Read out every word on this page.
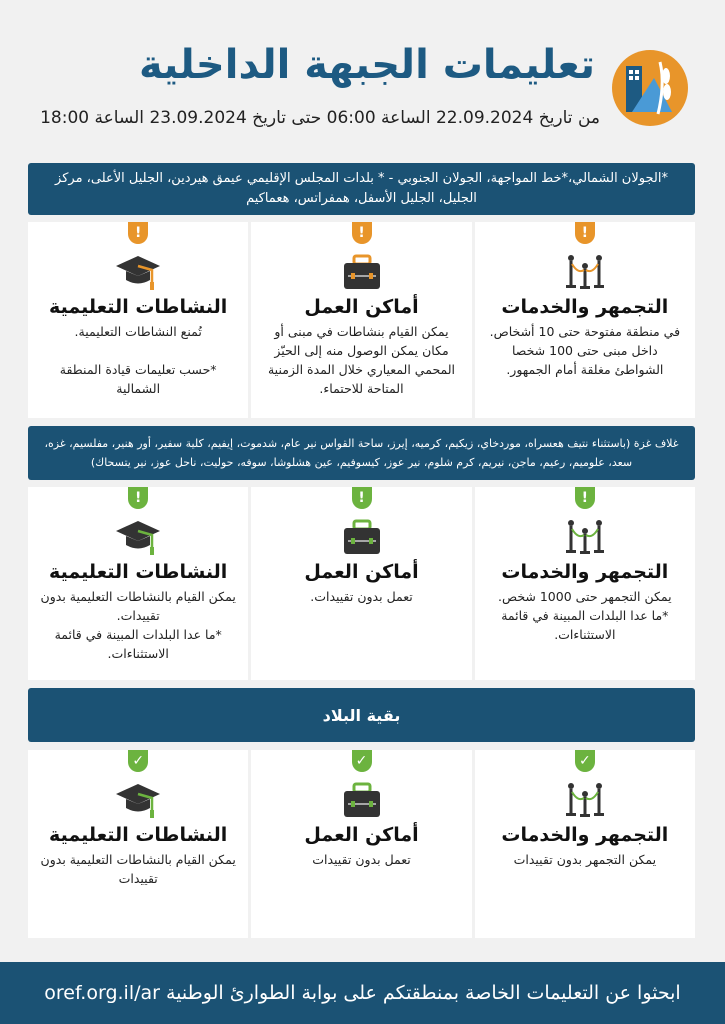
تعليمات الجبهة الداخلية
من تاريخ 22.09.2024 الساعة 06:00 حتى تاريخ 23.09.2024 الساعة 18:00
*الجولان الشمالي،*خط المواجهة، الجولان الجنوبي - * بلدات المجلس الإقليمي عيمق هيردين، الجليل الأعلى، مركز الجليل، الجليل الأسفل، همفراتس، هعماكيم
!
التجمهر والخدمات
في منطقة مفتوحة حتى 10 أشخاص.
داخل مبنى حتى 100 شخصا
الشواطئ مغلقة أمام الجمهور.
!
أماكن العمل
يمكن القيام بنشاطات في مبنى أو مكان يمكن الوصول منه إلى الحيّز المحمي المعياري خلال المدة الزمنية المتاحة للاحتماء.
!
النشاطات التعليمية
تُمنع النشاطات التعليمية.

*حسب تعليمات قيادة المنطقة الشمالية
غلاف غزة (باستثناء نتيف هعسراه، موردخاي، زيكيم، كرميه، إيرز، ساحة القواس نير عام، شدموت، إيفيم، كلية سفير، أور هنير، مفلسيم، غزه، سعد، علوميم، رعيم، ماجن، نيريم، كرم شلوم، نير عوز، كيسوفيم، عين هشلوشا، سوفه، حوليت، ناحل عوز، نير يتسحاك)
!
التجمهر والخدمات
يمكن التجمهر حتى 1000 شخص.
*ما عدا البلدات المبينة في قائمة الاستثناءات.
!
أماكن العمل
تعمل بدون تقييدات.
!
النشاطات التعليمية
يمكن القيام بالنشاطات التعليمية بدون تقييدات.
*ما عدا البلدات المبينة في قائمة الاستثناءات.
بقية البلاد
✓
التجمهر والخدمات
يمكن التجمهر بدون تقييدات
✓
أماكن العمل
تعمل بدون تقييدات
✓
النشاطات التعليمية
يمكن القيام بالنشاطات التعليمية بدون تقييدات
ابحثوا عن التعليمات الخاصة بمنطقتكم على بوابة الطوارئ الوطنية oref.org.il/ar
